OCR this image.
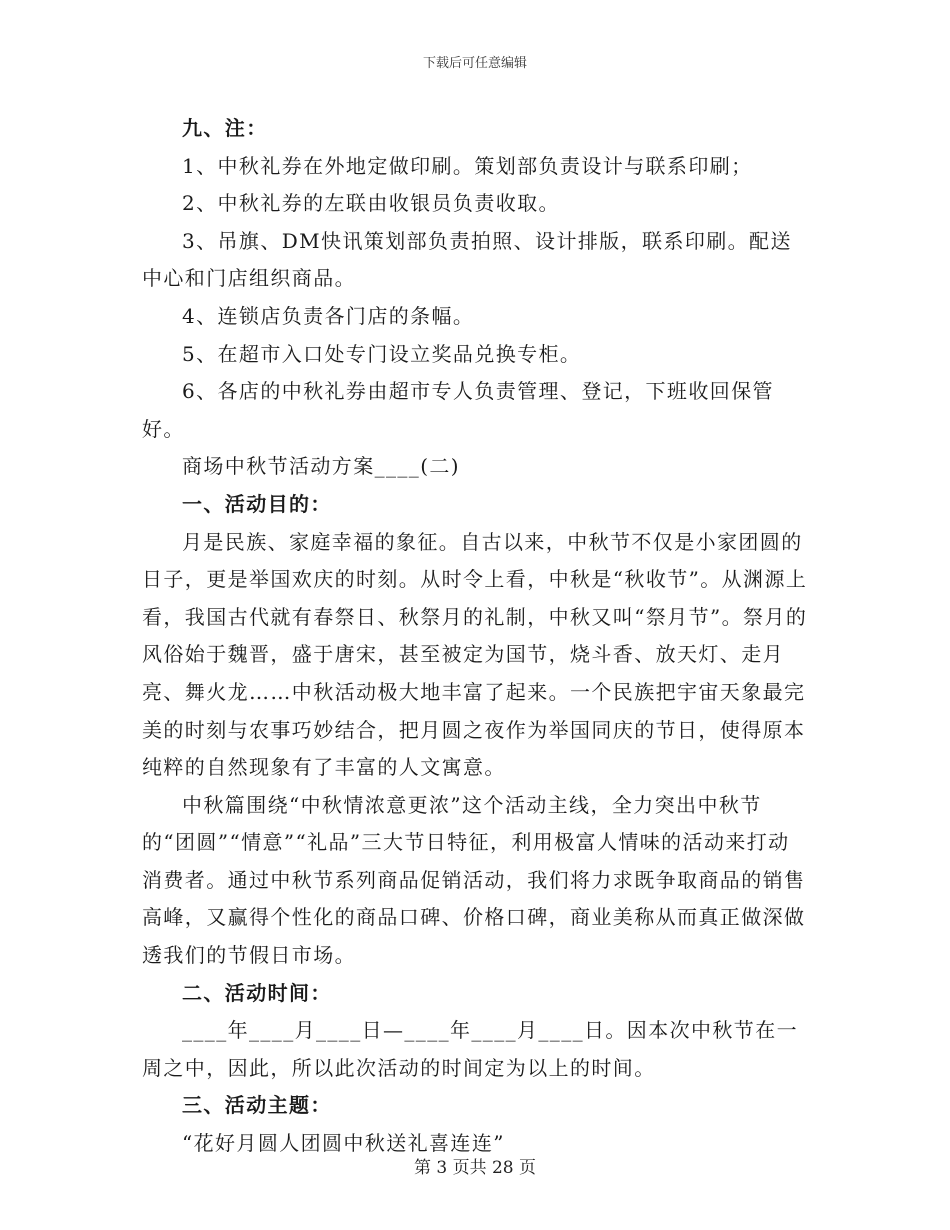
下载后可任意编辑

九、注：

1、中秋礼券在外地定做印刷。策划部负责设计与联系印刷；

2、中秋礼券的左联由收银员负责收取。

3、吊旗、DM快讯策划部负责拍照、设计排版，联系印刷。配送中心和门店组织商品。

4、连锁店负责各门店的条幅。

5、在超市入口处专门设立奖品兑换专柜。

6、各店的中秋礼券由超市专人负责管理、登记，下班收回保管好。

商场中秋节活动方案____(二)

一、活动目的：

月是民族、家庭幸福的象征。自古以来，中秋节不仅是小家团圆的日子，更是举国欢庆的时刻。从时令上看，中秋是“秋收节”。从渊源上看，我国古代就有春祭日、秋祭月的礼制，中秋又叫“祭月节”。祭月的风俗始于魏晋，盛于唐宋，甚至被定为国节，烧斗香、放天灯、走月亮、舞火龙……中秋活动极大地丰富了起来。一个民族把宇宙天象最完美的时刻与农事巧妙结合，把月圆之夜作为举国同庆的节日，使得原本纯粹的自然现象有了丰富的人文寓意。

中秋篇围绕“中秋情浓意更浓”这个活动主线，全力突出中秋节的“团圆”“情意”“礼品”三大节日特征，利用极富人情味的活动来打动消费者。通过中秋节系列商品促销活动，我们将力求既争取商品的销售高峰，又赢得个性化的商品口碑、价格口碑，商业美称从而真正做深做透我们的节假日市场。

二、活动时间：

____年____月____日—____年____月____日。因本次中秋节在一周之中，因此，所以此次活动的时间定为以上的时间。

三、活动主题：

“花好月圆人团圆中秋送礼喜连连”

第 3 页共 28 页
